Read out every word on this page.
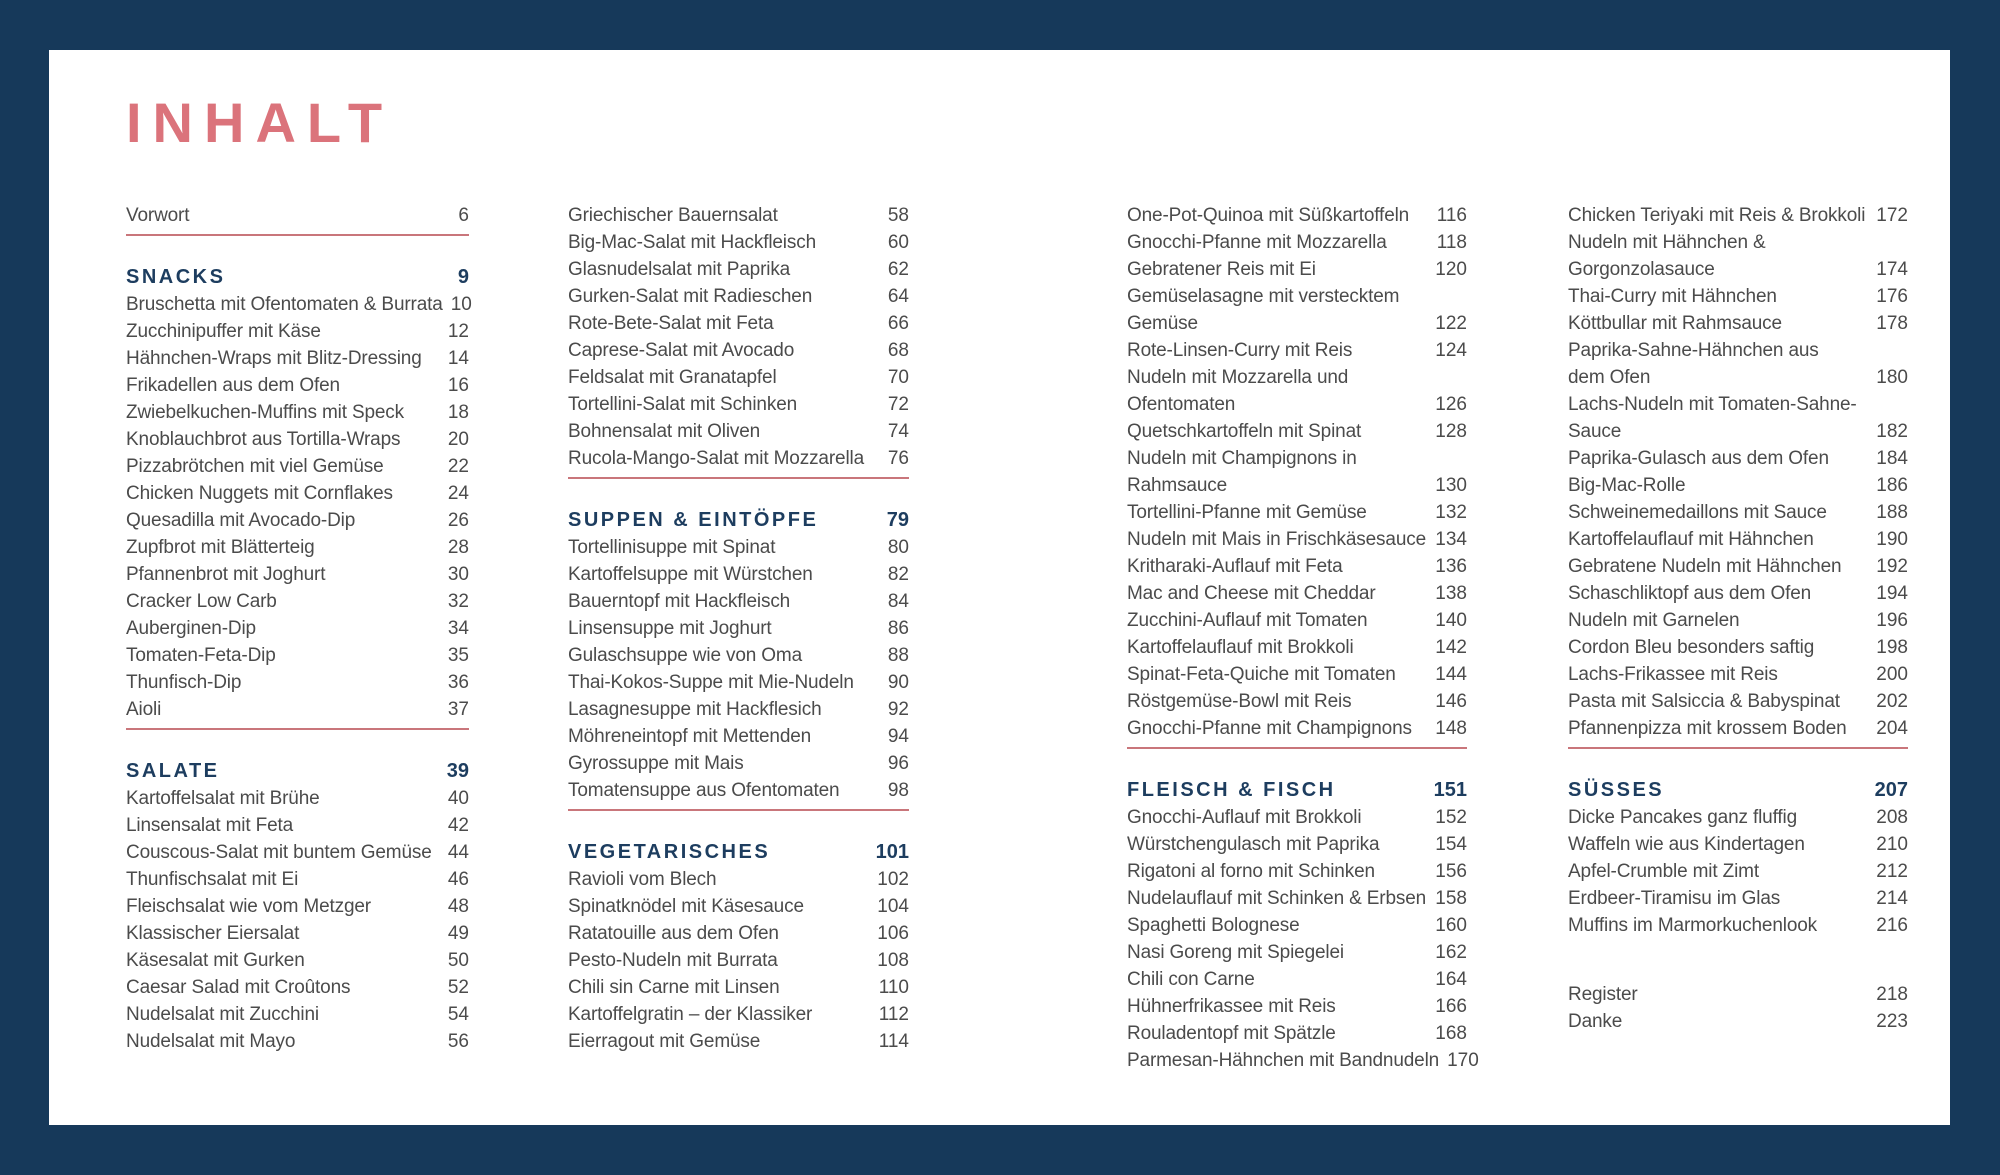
INHALT
Vorwort	6
SNACKS	9
Bruschetta mit Ofentomaten & Burrata 10
Zucchinipuffer mit Käse	12
Hähnchen-Wraps mit Blitz-Dressing 14
Frikadellen aus dem Ofen	16
Zwiebelkuchen-Muffins mit Speck 18
Knoblauchbrot aus Tortilla-Wraps 20
Pizzabrötchen mit viel Gemüse	22
Chicken Nuggets mit Cornflakes	24
Quesadilla mit Avocado-Dip	26
Zupfbrot mit Blätterteig	28
Pfannenbrot mit Joghurt	30
Cracker Low Carb	32
Auberginen-Dip	34
Tomaten-Feta-Dip	35
Thunfisch-Dip	36
Aioli	37
SALATE	39
Kartoffelsalat mit Brühe	40
Linsensalat mit Feta	42
Couscous-Salat mit buntem Gemüse 44
Thunfischsalat mit Ei	46
Fleischsalat wie vom Metzger	48
Klassischer Eiersalat	49
Käsesalat mit Gurken	50
Caesar Salad mit Croûtons	52
Nudelsalat mit Zucchini	54
Nudelsalat mit Mayo	56
Griechischer Bauernsalat	58
Big-Mac-Salat mit Hackfleisch	60
Glasnudelsalat mit Paprika	62
Gurken-Salat mit Radieschen	64
Rote-Bete-Salat mit Feta	66
Caprese-Salat mit Avocado	68
Feldsalat mit Granatapfel	70
Tortellini-Salat mit Schinken	72
Bohnensalat mit Oliven	74
Rucola-Mango-Salat mit Mozzarella 76
SUPPEN & EINTÖPFE	79
Tortellinisuppe mit Spinat	80
Kartoffelsuppe mit Würstchen	82
Bauerntopf mit Hackfleisch	84
Linsensuppe mit Joghurt	86
Gulaschsuppe wie von Oma	88
Thai-Kokos-Suppe mit Mie-Nudeln 90
Lasagnesuppe mit Hackflesich	92
Möhreneintopf mit Mettenden	94
Gyrossuppe mit Mais	96
Tomatensuppe aus Ofentomaten	98
VEGETARISCHES	101
Ravioli vom Blech	102
Spinatknödel mit Käsesauce	104
Ratatouille aus dem Ofen	106
Pesto-Nudeln mit Burrata	108
Chili sin Carne mit Linsen	110
Kartoffelgratin – der Klassiker	112
Eierragout mit Gemüse	114
One-Pot-Quinoa mit Süßkartoffeln 116
Gnocchi-Pfanne mit Mozzarella	118
Gebratener Reis mit Ei	120
Gemüselasagne mit verstecktem
Gemüse	122
Rote-Linsen-Curry mit Reis	124
Nudeln mit Mozzarella und
Ofentomaten	126
Quetschkartoffeln mit Spinat	128
Nudeln mit Champignons in
Rahmsauce	130
Tortellini-Pfanne mit Gemüse	132
Nudeln mit Mais in Frischkäsesauce 134
Kritharaki-Auflauf mit Feta	136
Mac and Cheese mit Cheddar	138
Zucchini-Auflauf mit Tomaten	140
Kartoffelauflauf mit Brokkoli	142
Spinat-Feta-Quiche mit Tomaten 144
Röstgemüse-Bowl mit Reis	146
Gnocchi-Pfanne mit Champignons 148
FLEISCH & FISCH	151
Gnocchi-Auflauf mit Brokkoli	152
Würstchengulasch mit Paprika	154
Rigatoni al forno mit Schinken	156
Nudelauflauf mit Schinken & Erbsen 158
Spaghetti Bolognese	160
Nasi Goreng mit Spiegelei	162
Chili con Carne	164
Hühnerfrikassee mit Reis	166
Rouladentopf mit Spätzle	168
Parmesan-Hähnchen mit Bandnudeln 170
Chicken Teriyaki mit Reis & Brokkoli 172
Nudeln mit Hähnchen &
Gorgonzolasauce	174
Thai-Curry mit Hähnchen	176
Köttbullar mit Rahmsauce	178
Paprika-Sahne-Hähnchen aus
dem Ofen	180
Lachs-Nudeln mit Tomaten-Sahne-
Sauce	182
Paprika-Gulasch aus dem Ofen 184
Big-Mac-Rolle	186
Schweinemedaillons mit Sauce	188
Kartoffelauflauf mit Hähnchen	190
Gebratene Nudeln mit Hähnchen 192
Schaschliktopf aus dem Ofen	194
Nudeln mit Garnelen	196
Cordon Bleu besonders saftig	198
Lachs-Frikassee mit Reis	200
Pasta mit Salsiccia & Babyspinat 202
Pfannenpizza mit krossem Boden 204
SÜSSES	207
Dicke Pancakes ganz fluffig	208
Waffeln wie aus Kindertagen	210
Apfel-Crumble mit Zimt	212
Erdbeer-Tiramisu im Glas	214
Muffins im Marmorkuchenlook	216
Register	218
Danke	223
